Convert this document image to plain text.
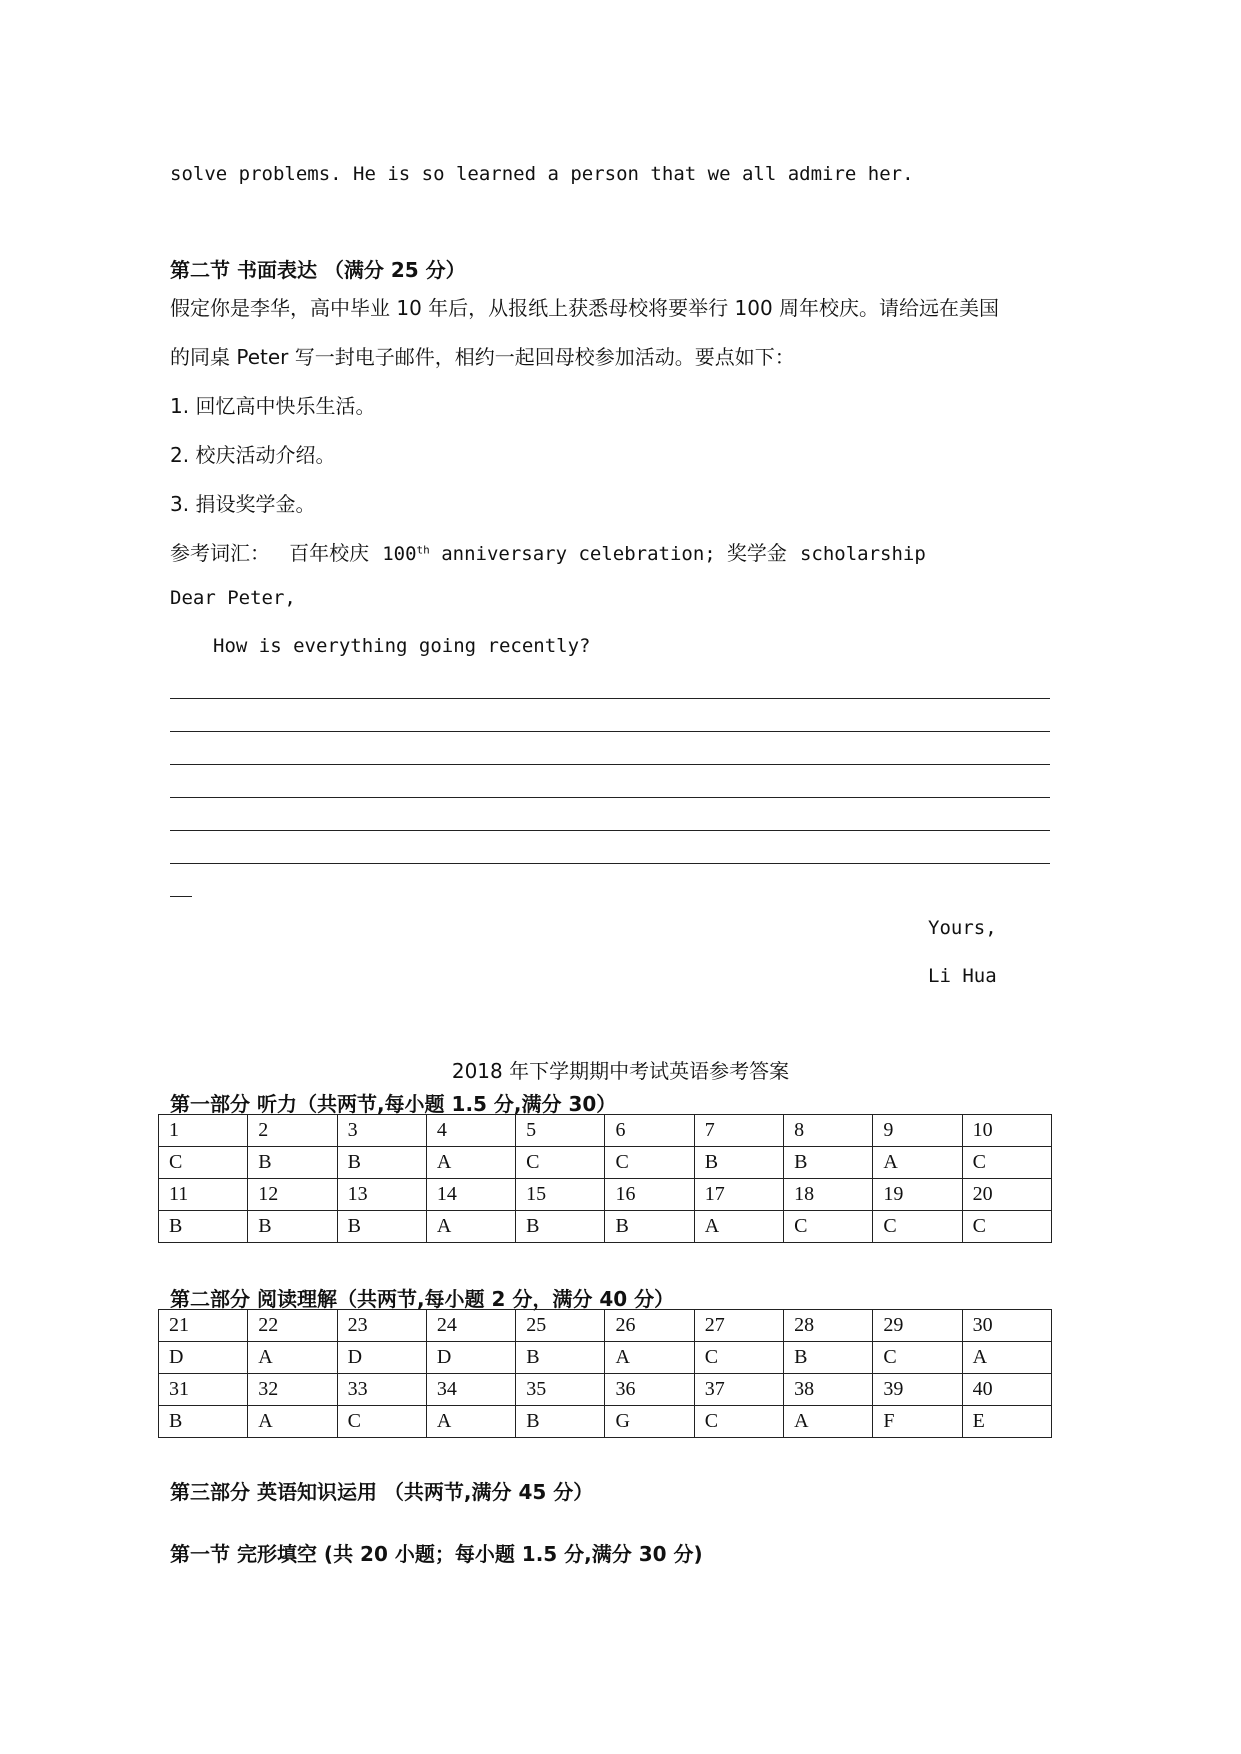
solve problems. He is so learned a person that we all admire her.
第二节 书面表达 （满分 25 分）
假定你是李华，高中毕业 10 年后，从报纸上获悉母校将要举行 100 周年校庆。请给远在美国
的同桌 Peter 写一封电子邮件，相约一起回母校参加活动。要点如下：
1. 回忆高中快乐生活。
2. 校庆活动介绍。
3. 捐设奖学金。
参考词汇： 百年校庆 100th anniversary celebration; 奖学金 scholarship
Dear Peter,
How is everything going recently?
Yours,
Li Hua
2018 年下学期期中考试英语参考答案
第一部分 听力（共两节,每小题 1.5 分,满分 30）
1	2	3	4	5	6	7	8	9	10
C	B	B	A	C	C	B	B	A	C
11	12	13	14	15	16	17	18	19	20
B	B	B	A	B	B	A	C	C	C
第二部分 阅读理解（共两节,每小题 2 分，满分 40 分）
21	22	23	24	25	26	27	28	29	30
D	A	D	D	B	A	C	B	C	A
31	32	33	34	35	36	37	38	39	40
B	A	C	A	B	G	C	A	F	E
第三部分 英语知识运用 （共两节,满分 45 分）
第一节 完形填空 (共 20 小题；每小题 1.5 分,满分 30 分)
